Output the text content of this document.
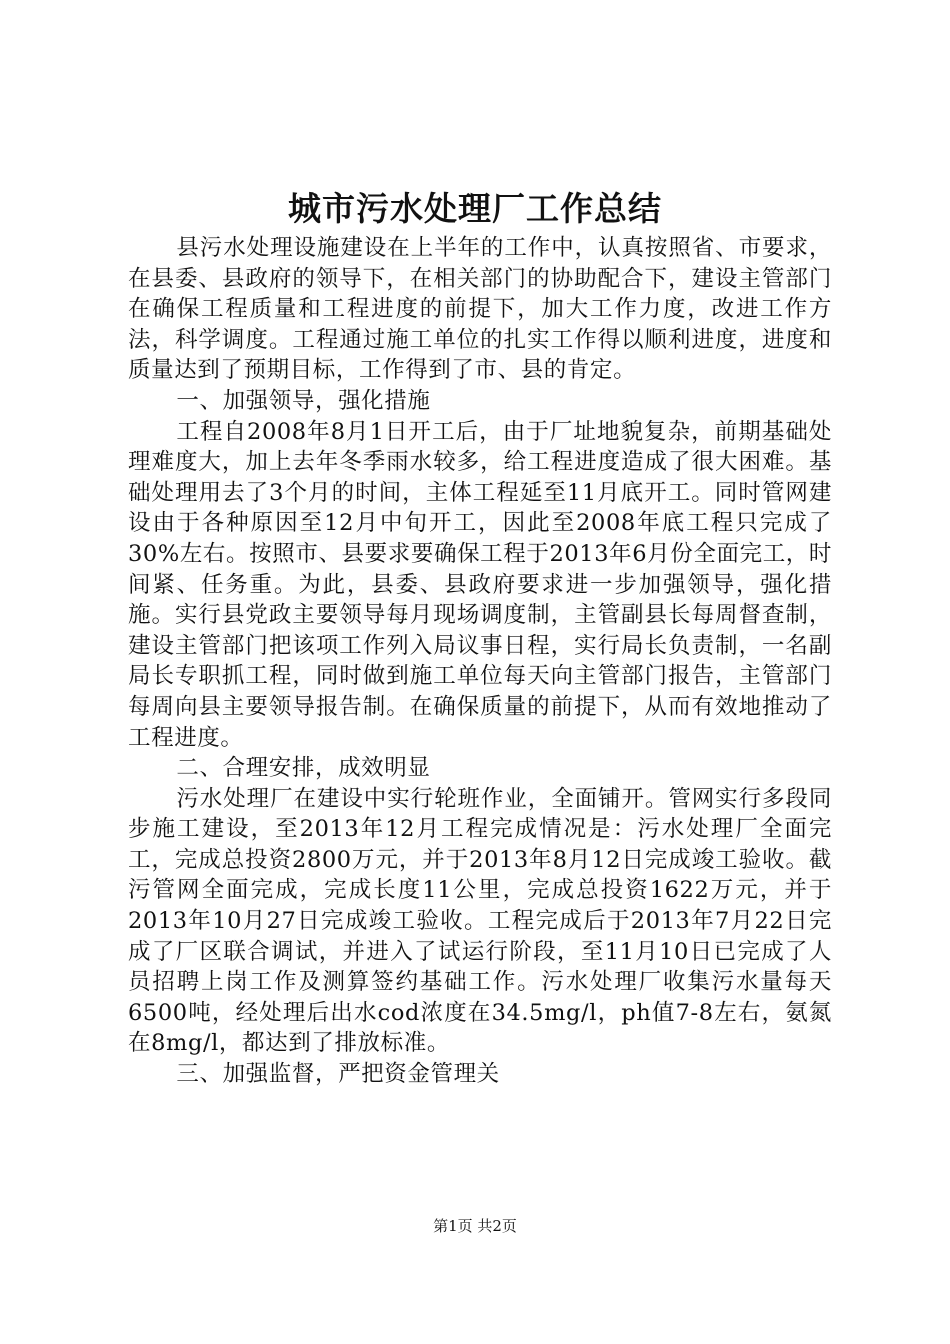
城市污水处理厂工作总结

县污水处理设施建设在上半年的工作中，认真按照省、市要求，在县委、县政府的领导下，在相关部门的协助配合下，建设主管部门在确保工程质量和工程进度的前提下，加大工作力度，改进工作方法，科学调度。工程通过施工单位的扎实工作得以顺利进度，进度和质量达到了预期目标，工作得到了市、县的肯定。

一、加强领导，强化措施

工程自2008年8月1日开工后，由于厂址地貌复杂，前期基础处理难度大，加上去年冬季雨水较多，给工程进度造成了很大困难。基础处理用去了3个月的时间，主体工程延至11月底开工。同时管网建设由于各种原因至12月中旬开工，因此至2008年底工程只完成了30%左右。按照市、县要求要确保工程于2013年6月份全面完工，时间紧、任务重。为此，县委、县政府要求进一步加强领导，强化措施。实行县党政主要领导每月现场调度制，主管副县长每周督查制，建设主管部门把该项工作列入局议事日程，实行局长负责制，一名副局长专职抓工程，同时做到施工单位每天向主管部门报告，主管部门每周向县主要领导报告制。在确保质量的前提下，从而有效地推动了工程进度。

二、合理安排，成效明显

污水处理厂在建设中实行轮班作业，全面铺开。管网实行多段同步施工建设，至2013年12月工程完成情况是：污水处理厂全面完工，完成总投资2800万元，并于2013年8月12日完成竣工验收。截污管网全面完成，完成长度11公里，完成总投资1622万元，并于2013年10月27日完成竣工验收。工程完成后于2013年7月22日完成了厂区联合调试，并进入了试运行阶段，至11月10日已完成了人员招聘上岗工作及测算签约基础工作。污水处理厂收集污水量每天6500吨，经处理后出水cod浓度在34.5mg/l，ph值7-8左右，氨氮在8mg/l，都达到了排放标准。

三、加强监督，严把资金管理关

第1页 共2页
